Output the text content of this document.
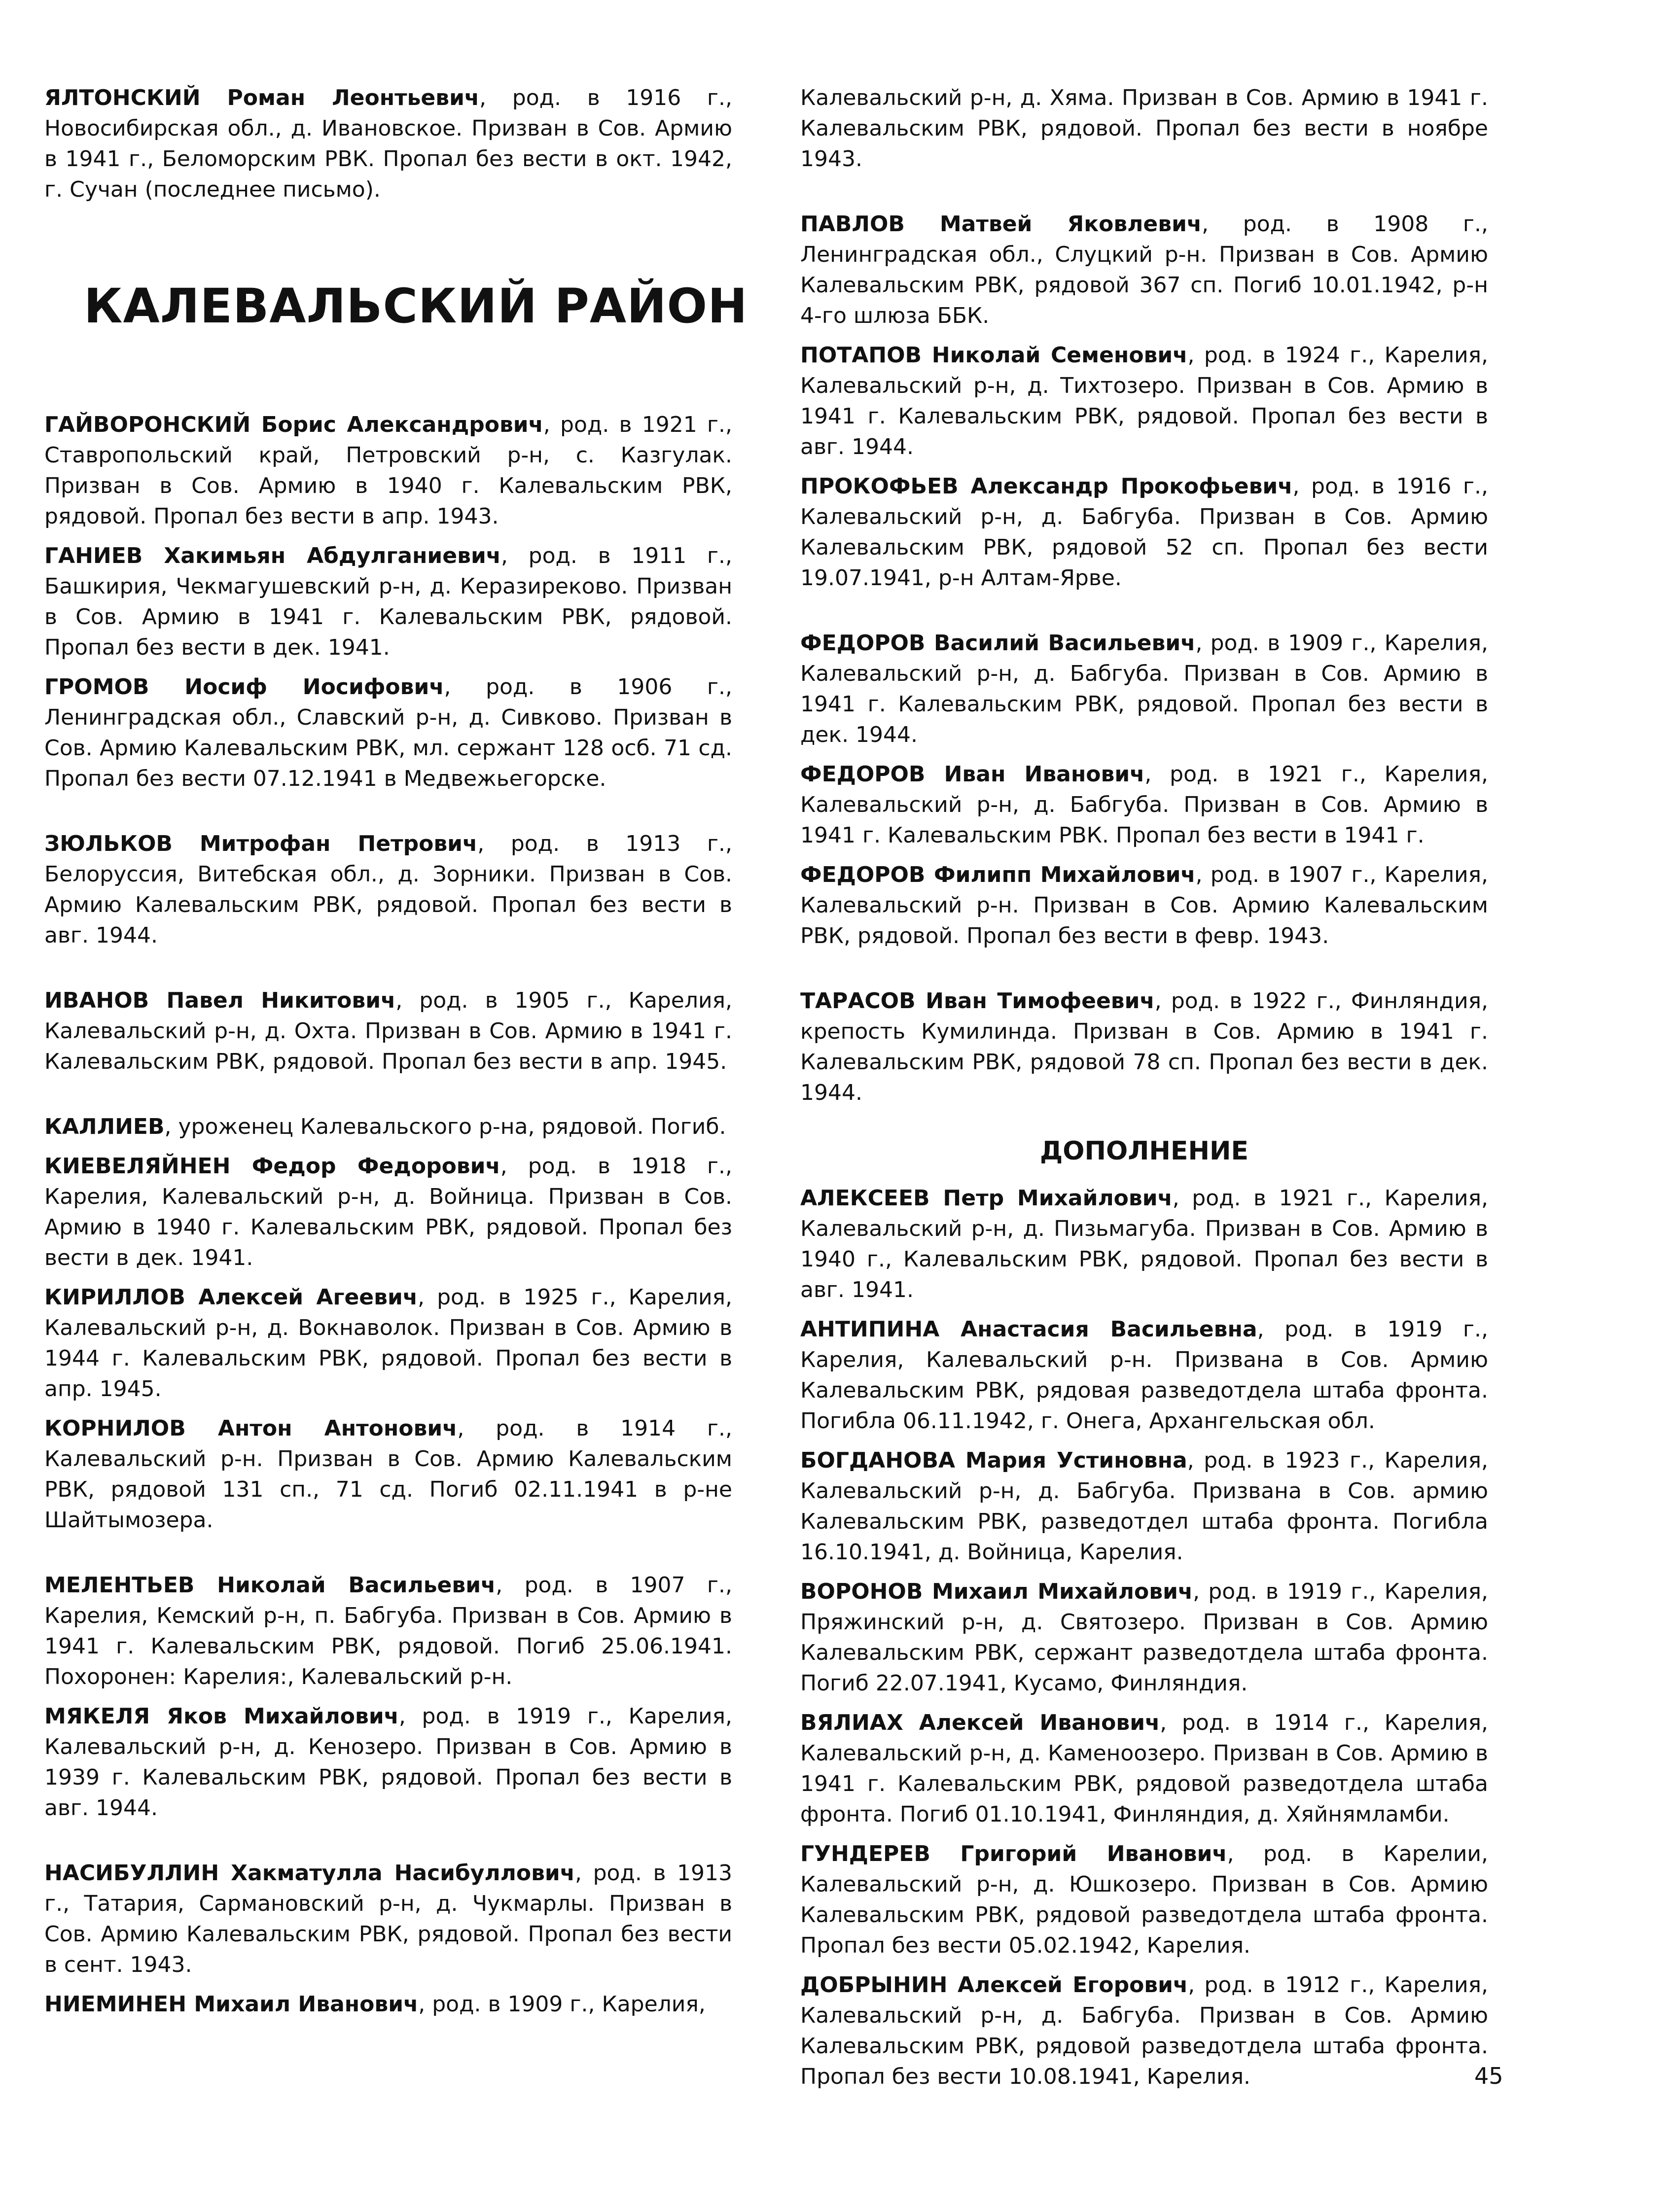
ЯЛТОНСКИЙ Роман Леонтьевич, род. в 1916 г., Новосибирская обл., д. Ивановское. Призван в Сов. Армию в 1941 г., Беломорским РВК. Пропал без вести в окт. 1942, г. Сучан (последнее письмо).

КАЛЕВАЛЬСКИЙ РАЙОН

ГАЙВОРОНСКИЙ Борис Александрович, род. в 1921 г., Ставропольский край, Петровский р-н, с. Казгулак. Призван в Сов. Армию в 1940 г. Калевальским РВК, рядовой. Пропал без вести в апр. 1943.

ГАНИЕВ Хакимьян Абдулганиевич, род. в 1911 г., Башкирия, Чекмагушевский р-н, д. Керазиреково. Призван в Сов. Армию в 1941 г. Калевальским РВК, рядовой. Пропал без вести в дек. 1941.

ГРОМОВ Иосиф Иосифович, род. в 1906 г., Ленинградская обл., Славский р-н, д. Сивково. Призван в Сов. Армию Калевальским РВК, мл. сержант 128 осб. 71 сд. Пропал без вести 07.12.1941 в Медвежьегорске.

ЗЮЛЬКОВ Митрофан Петрович, род. в 1913 г., Белоруссия, Витебская обл., д. Зорники. Призван в Сов. Армию Калевальским РВК, рядовой. Пропал без вести в авг. 1944.

ИВАНОВ Павел Никитович, род. в 1905 г., Карелия, Калевальский р-н, д. Охта. Призван в Сов. Армию в 1941 г. Калевальским РВК, рядовой. Пропал без вести в апр. 1945.

КАЛЛИЕВ, уроженец Калевальского р-на, рядовой. Погиб.

КИЕВЕЛЯЙНЕН Федор Федорович, род. в 1918 г., Карелия, Калевальский р-н, д. Войница. Призван в Сов. Армию в 1940 г. Калевальским РВК, рядовой. Пропал без вести в дек. 1941.

КИРИЛЛОВ Алексей Агеевич, род. в 1925 г., Карелия, Калевальский р-н, д. Вокнаволок. Призван в Сов. Армию в 1944 г. Калевальским РВК, рядовой. Пропал без вести в апр. 1945.

КОРНИЛОВ Антон Антонович, род. в 1914 г., Калевальский р-н. Призван в Сов. Армию Калевальским РВК, рядовой 131 сп., 71 сд. Погиб 02.11.1941 в р-не Шайтымозера.

МЕЛЕНТЬЕВ Николай Васильевич, род. в 1907 г., Карелия, Кемский р-н, п. Бабгуба. Призван в Сов. Армию в 1941 г. Калевальским РВК, рядовой. Погиб 25.06.1941. Похоронен: Карелия:, Калевальский р-н.

МЯКЕЛЯ Яков Михайлович, род. в 1919 г., Карелия, Калевальский р-н, д. Кенозеро. Призван в Сов. Армию в 1939 г. Калевальским РВК, рядовой. Пропал без вести в авг. 1944.

НАСИБУЛЛИН Хакматулла Насибуллович, род. в 1913 г., Татария, Сармановский р-н, д. Чукмарлы. Призван в Сов. Армию Калевальским РВК, рядовой. Пропал без вести в сент. 1943.

НИЕМИНЕН Михаил Иванович, род. в 1909 г., Карелия,

Калевальский р-н, д. Хяма. Призван в Сов. Армию в 1941 г. Калевальским РВК, рядовой. Пропал без вести в ноябре 1943.

ПАВЛОВ Матвей Яковлевич, род. в 1908 г., Ленинградская обл., Слуцкий р-н. Призван в Сов. Армию Калевальским РВК, рядовой 367 сп. Погиб 10.01.1942, р-н 4-го шлюза ББК.

ПОТАПОВ Николай Семенович, род. в 1924 г., Карелия, Калевальский р-н, д. Тихтозеро. Призван в Сов. Армию в 1941 г. Калевальским РВК, рядовой. Пропал без вести в авг. 1944.

ПРОКОФЬЕВ Александр Прокофьевич, род. в 1916 г., Калевальский р-н, д. Бабгуба. Призван в Сов. Армию Калевальским РВК, рядовой 52 сп. Пропал без вести 19.07.1941, р-н Алтам-Ярве.

ФЕДОРОВ Василий Васильевич, род. в 1909 г., Карелия, Калевальский р-н, д. Бабгуба. Призван в Сов. Армию в 1941 г. Калевальским РВК, рядовой. Пропал без вести в дек. 1944.

ФЕДОРОВ Иван Иванович, род. в 1921 г., Карелия, Калевальский р-н, д. Бабгуба. Призван в Сов. Армию в 1941 г. Калевальским РВК. Пропал без вести в 1941 г.

ФЕДОРОВ Филипп Михайлович, род. в 1907 г., Карелия, Калевальский р-н. Призван в Сов. Армию Калевальским РВК, рядовой. Пропал без вести в февр. 1943.

ТАРАСОВ Иван Тимофеевич, род. в 1922 г., Финляндия, крепость Кумилинда. Призван в Сов. Армию в 1941 г. Калевальским РВК, рядовой 78 сп. Пропал без вести в дек. 1944.

ДОПОЛНЕНИЕ

АЛЕКСЕЕВ Петр Михайлович, род. в 1921 г., Карелия, Калевальский р-н, д. Пизьмагуба. Призван в Сов. Армию в 1940 г., Калевальским РВК, рядовой. Пропал без вести в авг. 1941.

АНТИПИНА Анастасия Васильевна, род. в 1919 г., Карелия, Калевальский р-н. Призвана в Сов. Армию Калевальским РВК, рядовая разведотдела штаба фронта. Погибла 06.11.1942, г. Онега, Архангельская обл.

БОГДАНОВА Мария Устиновна, род. в 1923 г., Карелия, Калевальский р-н, д. Бабгуба. Призвана в Сов. армию Калевальским РВК, разведотдел штаба фронта. Погибла 16.10.1941, д. Войница, Карелия.

ВОРОНОВ Михаил Михайлович, род. в 1919 г., Карелия, Пряжинский р-н, д. Святозеро. Призван в Сов. Армию Калевальским РВК, сержант разведотдела штаба фронта. Погиб 22.07.1941, Кусамо, Финляндия.

ВЯЛИАХ Алексей Иванович, род. в 1914 г., Карелия, Калевальский р-н, д. Каменоозеро. Призван в Сов. Армию в 1941 г. Калевальским РВК, рядовой разведотдела штаба фронта. Погиб 01.10.1941, Финляндия, д. Хяйнямламби.

ГУНДЕРЕВ Григорий Иванович, род. в Карелии, Калевальский р-н, д. Юшкозеро. Призван в Сов. Армию Калевальским РВК, рядовой разведотдела штаба фронта. Пропал без вести 05.02.1942, Карелия.

ДОБРЫНИН Алексей Егорович, род. в 1912 г., Карелия, Калевальский р-н, д. Бабгуба. Призван в Сов. Армию Калевальским РВК, рядовой разведотдела штаба фронта. Пропал без вести 10.08.1941, Карелия.	45
